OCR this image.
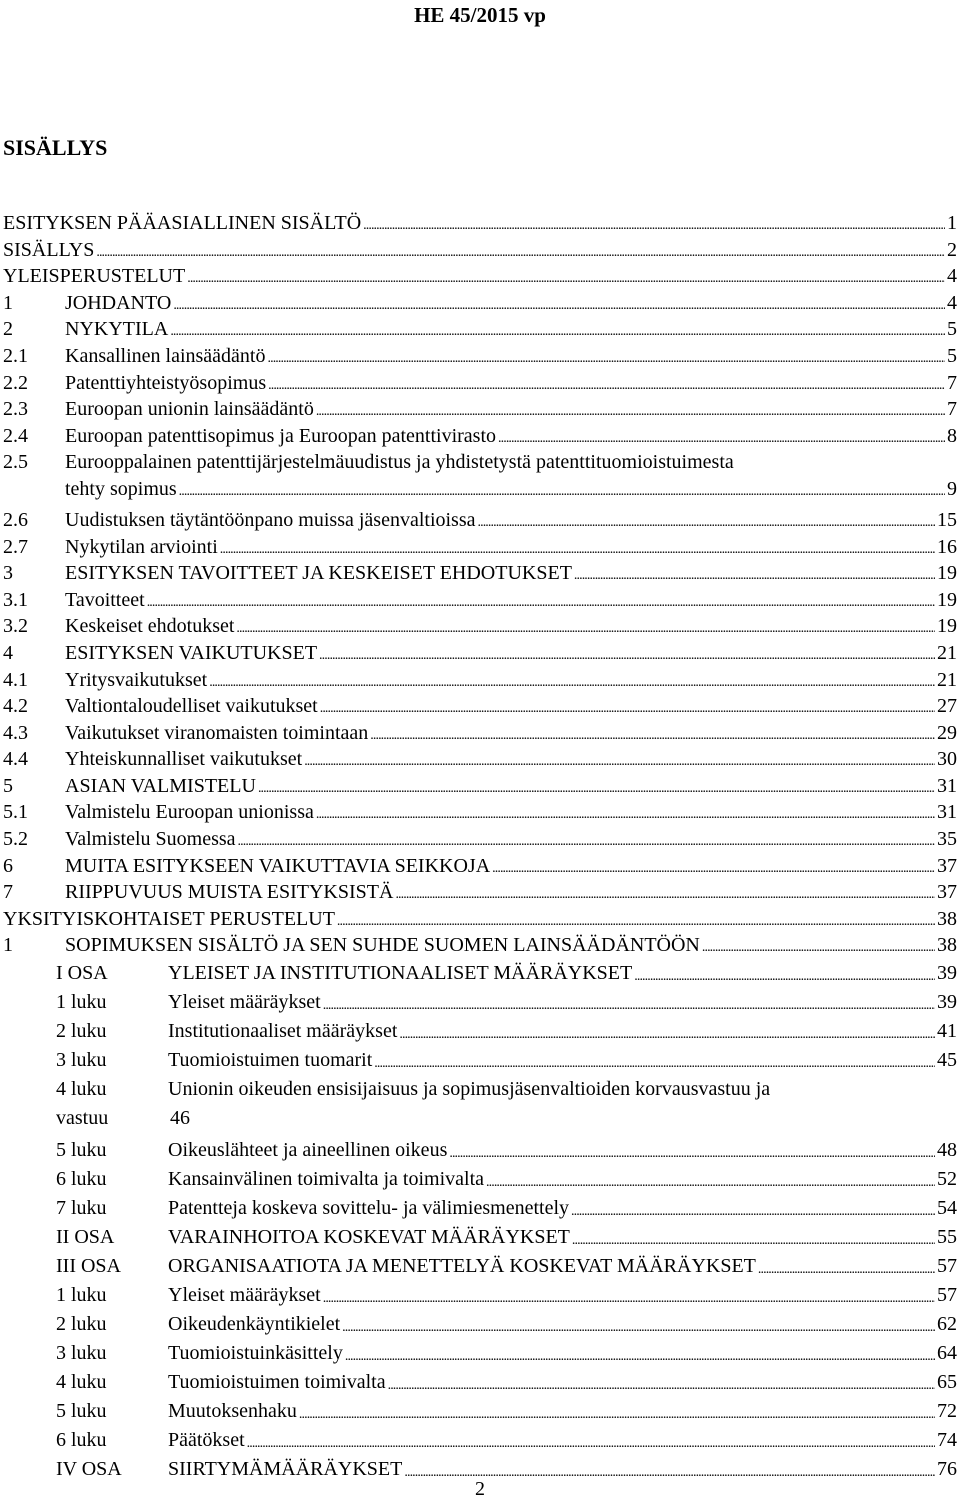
HE 45/2015 vp
SISÄLLYS
ESITYKSEN PÄÄASIALLINEN SISÄLTÖ . . .	1
SISÄLLYS . . .	2
YLEISPERUSTELUT . . .	4
1	JOHDANTO . . .	4
2	NYKYTILA . . .	5
2.1	Kansallinen lainsäädäntö . . .	5
2.2	Patenttiyhteistyösopimus . . .	7
2.3	Euroopan unionin lainsäädäntö . . .	7
2.4	Euroopan patenttisopimus ja Euroopan patenttivirasto . . .	8
2.5	Eurooppalainen patenttijärjestelmäuudistus ja yhdistetystä patenttituomioistuimesta
tehty sopimus . . .	9
2.6	Uudistuksen täytäntöönpano muissa jäsenvaltioissa . . .	15
2.7	Nykytilan arviointi . . .	16
3	ESITYKSEN TAVOITTEET JA KESKEISET EHDOTUKSET . . .	19
3.1	Tavoitteet . . .	19
3.2	Keskeiset ehdotukset . . .	19
4	ESITYKSEN VAIKUTUKSET . . .	21
4.1	Yritysvaikutukset . . .	21
4.2	Valtiontaloudelliset vaikutukset . . .	27
4.3	Vaikutukset viranomaisten toimintaan . . .	29
4.4	Yhteiskunnalliset vaikutukset . . .	30
5	ASIAN VALMISTELU . . .	31
5.1	Valmistelu Euroopan unionissa . . .	31
5.2	Valmistelu Suomessa . . .	35
6	MUITA ESITYKSEEN VAIKUTTAVIA SEIKKOJA . . .	37
7	RIIPPUVUUS MUISTA ESITYKSISTÄ . . .	37
YKSITYISKOHTAISET PERUSTELUT . . .	38
1	SOPIMUKSEN SISÄLTÖ JA SEN SUHDE SUOMEN LAINSÄÄDÄNTÖÖN . . .	38
I OSA	YLEISET JA INSTITUTIONAALISET MÄÄRÄYKSET . . .	39
1 luku	Yleiset määräykset . . .	39
2 luku	Institutionaaliset määräykset . . .	41
3 luku	Tuomioistuimen tuomarit . . .	45
4 luku	Unionin oikeuden ensisijaisuus ja sopimusjäsenvaltioiden korvausvastuu ja
vastuu	46
5 luku	Oikeuslähteet ja aineellinen oikeus . . .	48
6 luku	Kansainvälinen toimivalta ja toimivalta . . .	52
7 luku	Patentteja koskeva sovittelu- ja välimiesmenettely . . .	54
II OSA	VARAINHOITOA KOSKEVAT MÄÄRÄYKSET . . .	55
III OSA	ORGANISAATIOTA JA MENETTELYÄ KOSKEVAT MÄÄRÄYKSET . . .	57
1 luku	Yleiset määräykset . . .	57
2 luku	Oikeudenkäyntikielet . . .	62
3 luku	Tuomioistuinkäsittely . . .	64
4 luku	Tuomioistuimen toimivalta . . .	65
5 luku	Muutoksenhaku . . .	72
6 luku	Päätökset . . .	74
IV OSA	SIIRTYMÄMÄÄRÄYKSET . . .	76
2
